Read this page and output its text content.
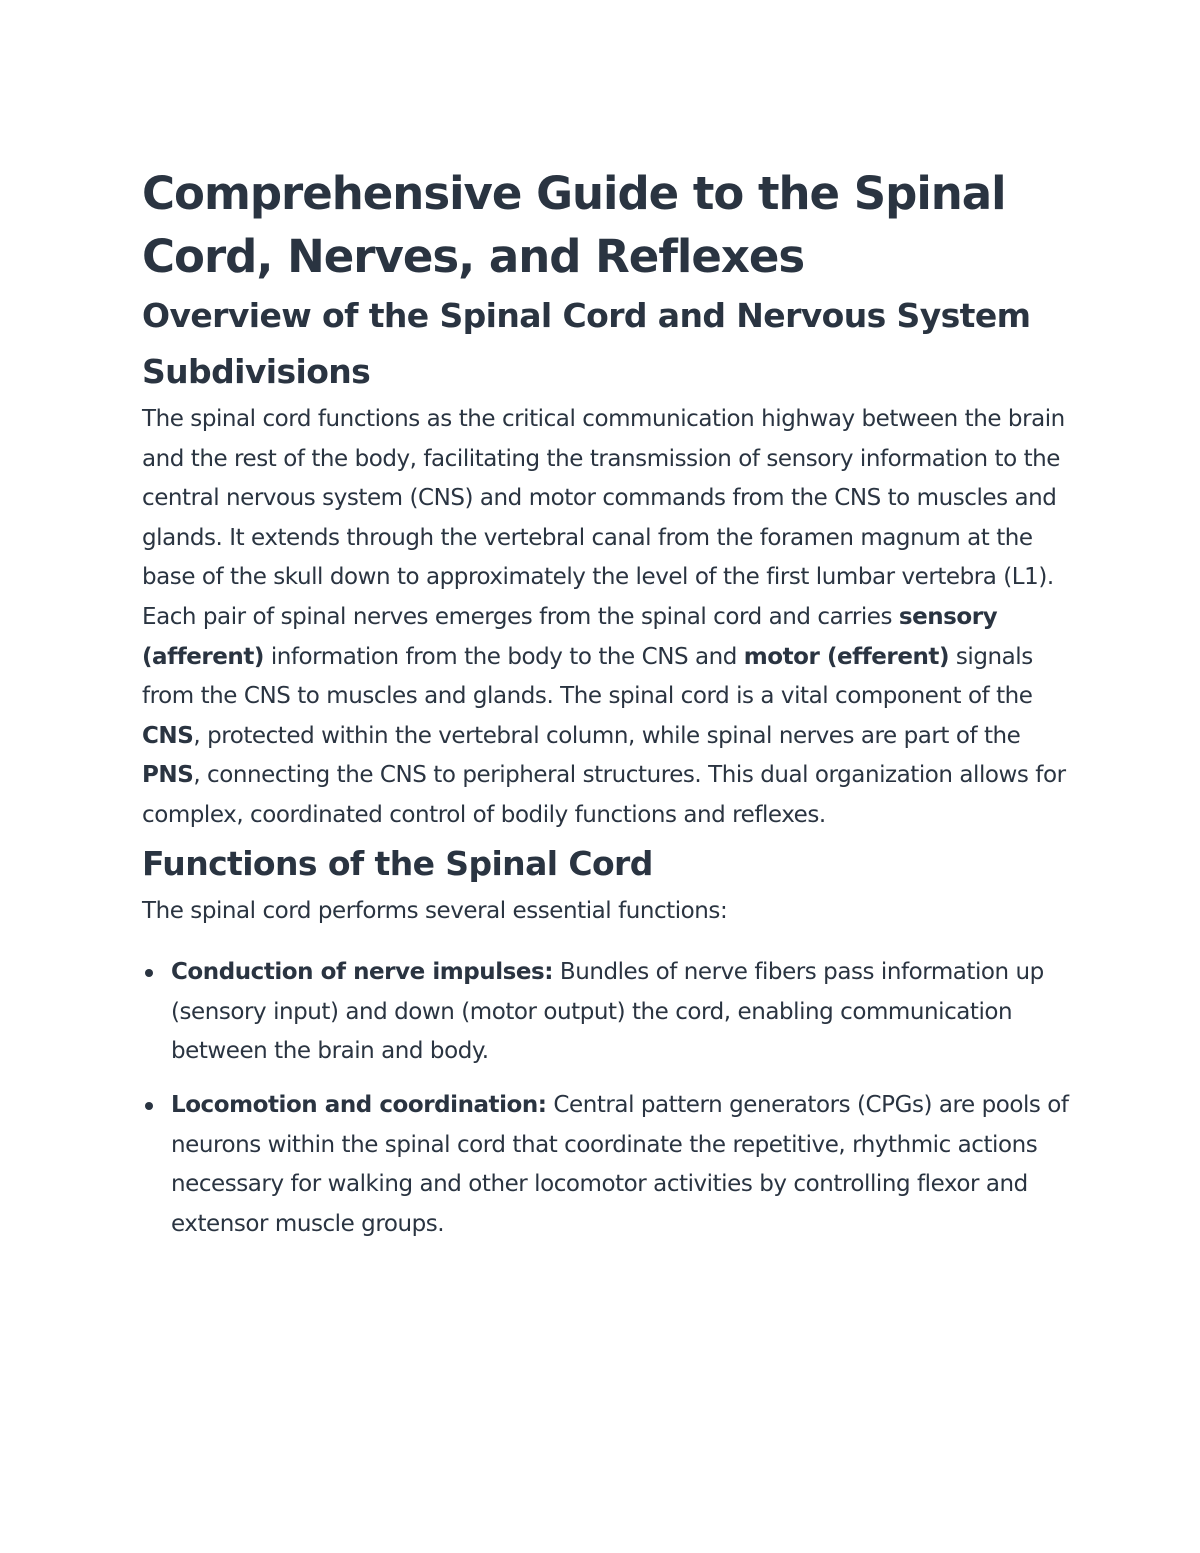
Comprehensive Guide to the Spinal
Cord, Nerves, and Reflexes
Overview of the Spinal Cord and Nervous System
Subdivisions

The spinal cord functions as the critical communication highway between the brain and the rest of the body, facilitating the transmission of sensory information to the central nervous system (CNS) and motor commands from the CNS to muscles and glands. It extends through the vertebral canal from the foramen magnum at the base of the skull down to approximately the level of the first lumbar vertebra (L1). Each pair of spinal nerves emerges from the spinal cord and carries sensory (afferent) information from the body to the CNS and motor (efferent) signals from the CNS to muscles and glands. The spinal cord is a vital component of the CNS, protected within the vertebral column, while spinal nerves are part of the PNS, connecting the CNS to peripheral structures. This dual organization allows for complex, coordinated control of bodily functions and reflexes.

Functions of the Spinal Cord

The spinal cord performs several essential functions:

Conduction of nerve impulses: Bundles of nerve fibers pass information up (sensory input) and down (motor output) the cord, enabling communication between the brain and body.
Locomotion and coordination: Central pattern generators (CPGs) are pools of neurons within the spinal cord that coordinate the repetitive, rhythmic actions necessary for walking and other locomotor activities by controlling flexor and extensor muscle groups.
